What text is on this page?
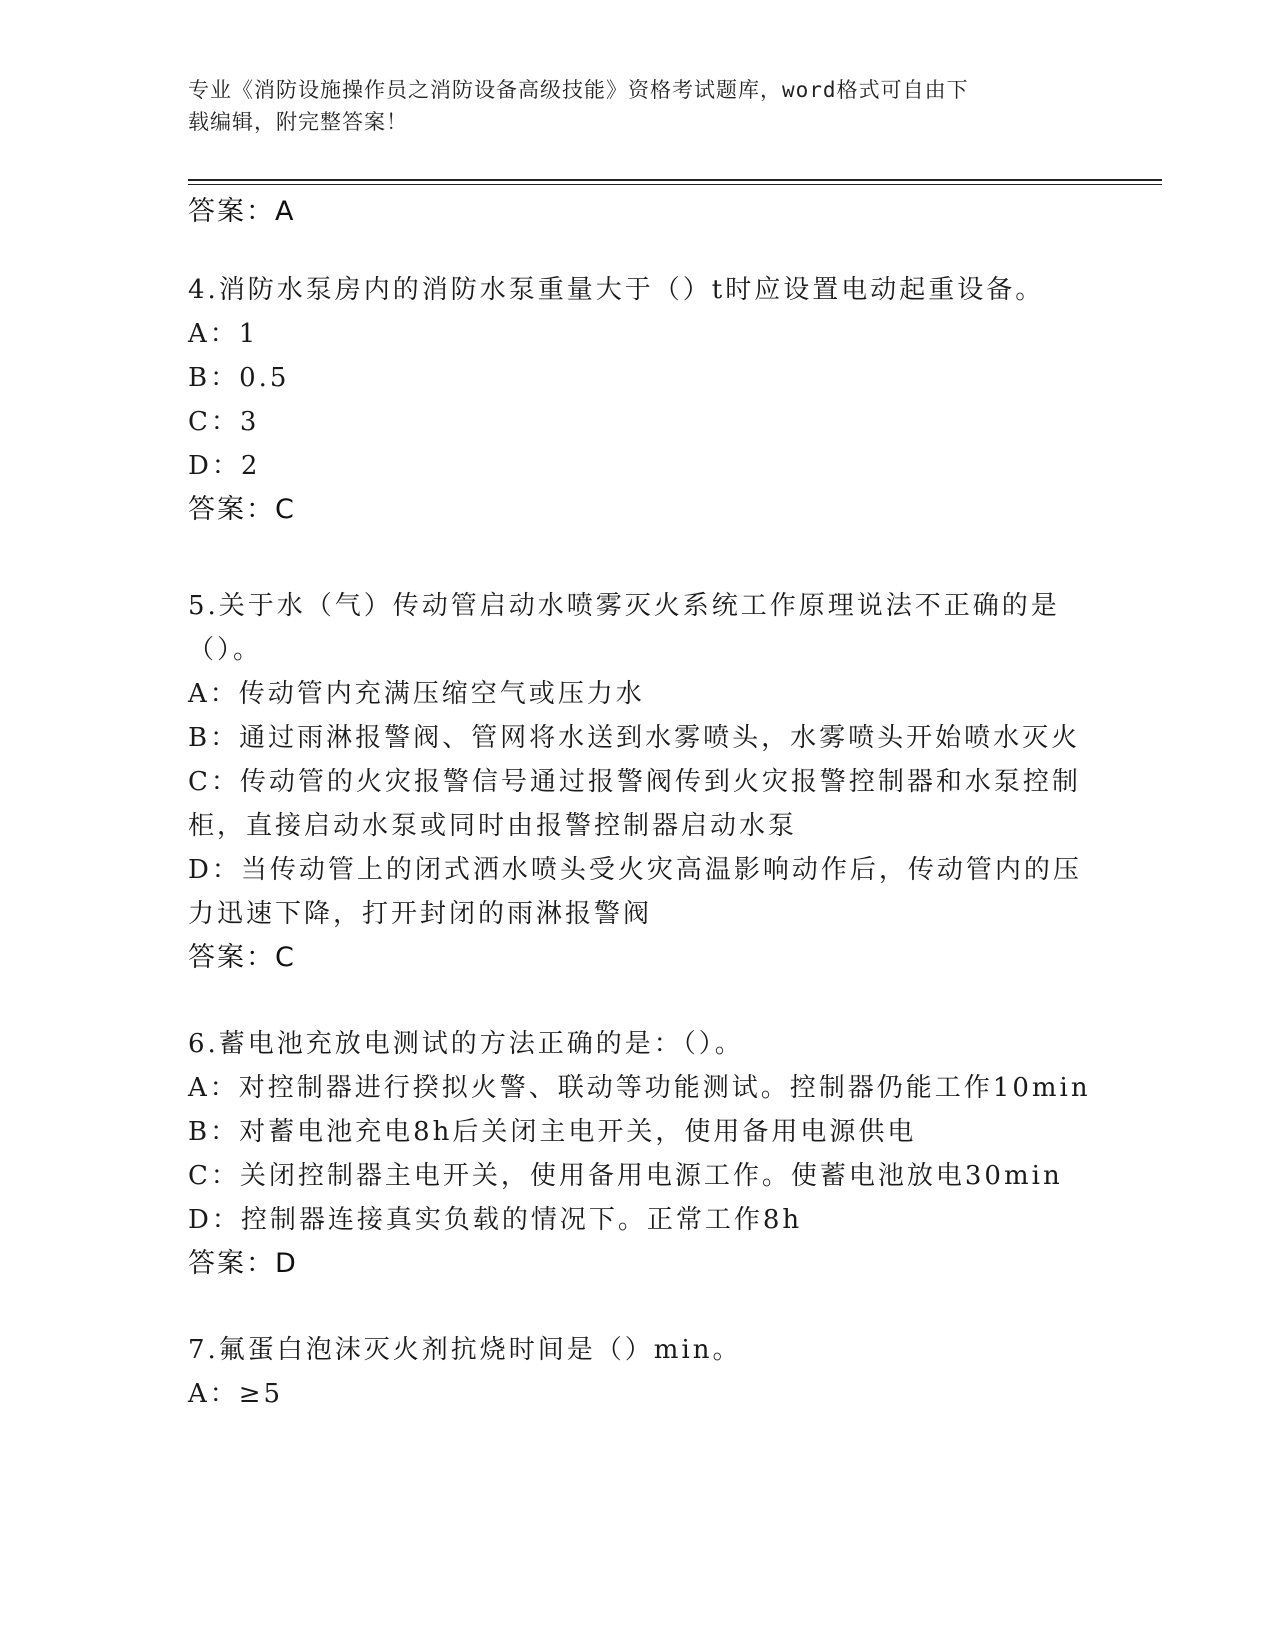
专业《消防设施操作员之消防设备高级技能》资格考试题库，word格式可自由下
载编辑，附完整答案！
答案：A
4.消防水泵房内的消防水泵重量大于（）t时应设置电动起重设备。
A：1
B：0.5
C：3
D：2
答案：C
5.关于水（气）传动管启动水喷雾灭火系统工作原理说法不正确的是
（）。
A：传动管内充满压缩空气或压力水
B：通过雨淋报警阀、管网将水送到水雾喷头，水雾喷头开始喷水灭火
C：传动管的火灾报警信号通过报警阀传到火灾报警控制器和水泵控制
柜，直接启动水泵或同时由报警控制器启动水泵
D：当传动管上的闭式洒水喷头受火灾高温影响动作后，传动管内的压
力迅速下降，打开封闭的雨淋报警阀
答案：C
6.蓄电池充放电测试的方法正确的是：（）。
A：对控制器进行揆拟火警、联动等功能测试。控制器仍能工作10min
B：对蓄电池充电8h后关闭主电开关，使用备用电源供电
C：关闭控制器主电开关，使用备用电源工作。使蓄电池放电30min
D：控制器连接真实负载的情况下。正常工作8h
答案：D
7.氟蛋白泡沫灭火剂抗烧时间是（）min。
A：≥5
